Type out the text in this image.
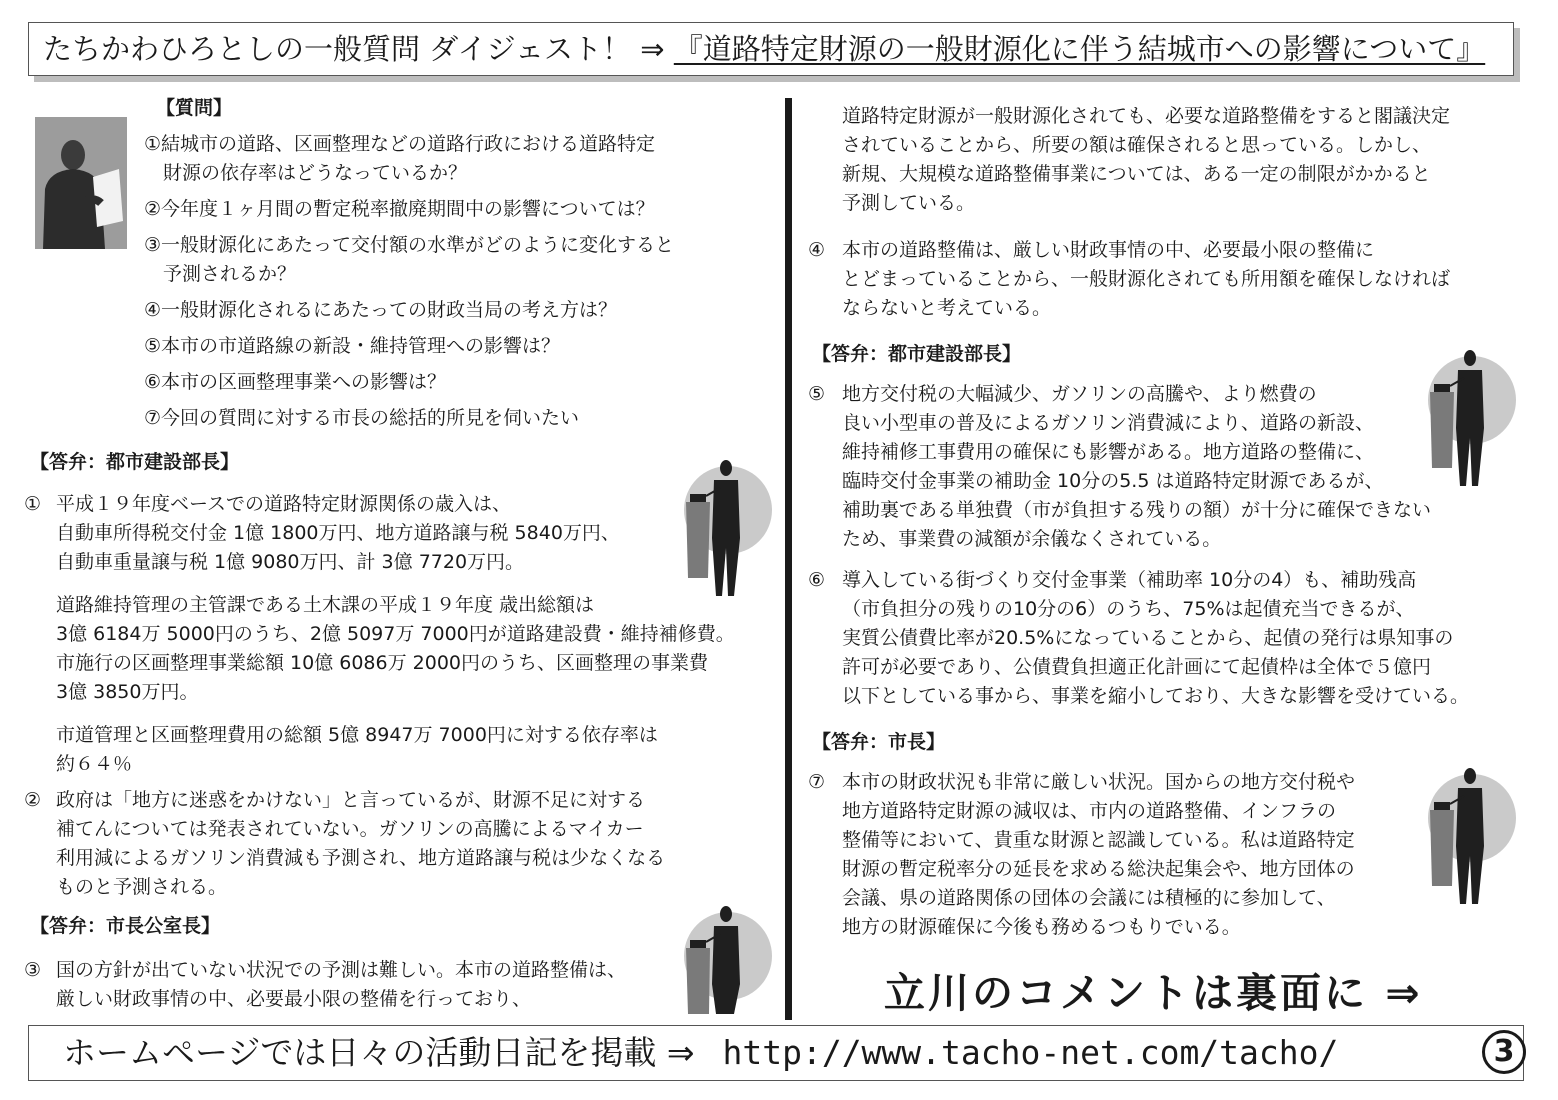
たちかわひろとしの一般質問 ダイジェスト！ ⇒ 『道路特定財源の一般財源化に伴う結城市への影響について』
【質問】

①結城市の道路、区画整理などの道路行政における道路特定

　財源の依存率はどうなっているか？

②今年度１ヶ月間の暫定税率撤廃期間中の影響については？

③一般財源化にあたって交付額の水準がどのように変化すると

　予測されるか？

④一般財源化されるにあたっての財政当局の考え方は？

⑤本市の市道路線の新設・維持管理への影響は？

⑥本市の区画整理事業への影響は？

⑦今回の質問に対する市長の総括的所見を伺いたい

【答弁：都市建設部長】
① 平成１９年度ベースでの道路特定財源関係の歳入は、

自動車所得税交付金 1億 1800万円、地方道路譲与税 5840万円、

自動車重量譲与税 1億 9080万円、計 3億 7720万円。

道路維持管理の主管課である土木課の平成１９年度 歳出総額は

3億 6184万 5000円のうち、2億 5097万 7000円が道路建設費・維持補修費。

市施行の区画整理事業総額 10億 6086万 2000円のうち、区画整理の事業費

3億 3850万円。

市道管理と区画整理費用の総額 5億 8947万 7000円に対する依存率は

約６４％

② 政府は「地方に迷惑をかけない」と言っているが、財源不足に対する

補てんについては発表されていない。ガソリンの高騰によるマイカー

利用減によるガソリン消費減も予測され、地方道路譲与税は少なくなる

ものと予測される。

【答弁：市長公室長】
③ 国の方針が出ていない状況での予測は難しい。本市の道路整備は、

厳しい財政事情の中、必要最小限の整備を行っており、

道路特定財源が一般財源化されても、必要な道路整備をすると閣議決定

されていることから、所要の額は確保されると思っている。しかし、

新規、大規模な道路整備事業については、ある一定の制限がかかると

予測している。

④ 本市の道路整備は、厳しい財政事情の中、必要最小限の整備に

とどまっていることから、一般財源化されても所用額を確保しなければ

ならないと考えている。

【答弁：都市建設部長】
⑤ 地方交付税の大幅減少、ガソリンの高騰や、より燃費の

良い小型車の普及によるガソリン消費減により、道路の新設、

維持補修工事費用の確保にも影響がある。地方道路の整備に、

臨時交付金事業の補助金 10分の5.5 は道路特定財源であるが、

補助裏である単独費（市が負担する残りの額）が十分に確保できない

ため、事業費の減額が余儀なくされている。

⑥ 導入している街づくり交付金事業（補助率 10分の4）も、補助残高

（市負担分の残りの10分の6）のうち、75%は起債充当できるが、

実質公債費比率が20.5%になっていることから、起債の発行は県知事の

許可が必要であり、公債費負担適正化計画にて起債枠は全体で５億円

以下としている事から、事業を縮小しており、大きな影響を受けている。

【答弁：市長】
⑦ 本市の財政状況も非常に厳しい状況。国からの地方交付税や

地方道路特定財源の減収は、市内の道路整備、インフラの

整備等において、貴重な財源と認識している。私は道路特定

財源の暫定税率分の延長を求める総決起集会や、地方団体の

会議、県の道路関係の団体の会議には積極的に参加して、

地方の財源確保に今後も務めるつもりでいる。

立川のコメントは裏面に ⇒
ホームページでは日々の活動日記を掲載 ⇒ http://www.tacho-net.com/tacho/	3
